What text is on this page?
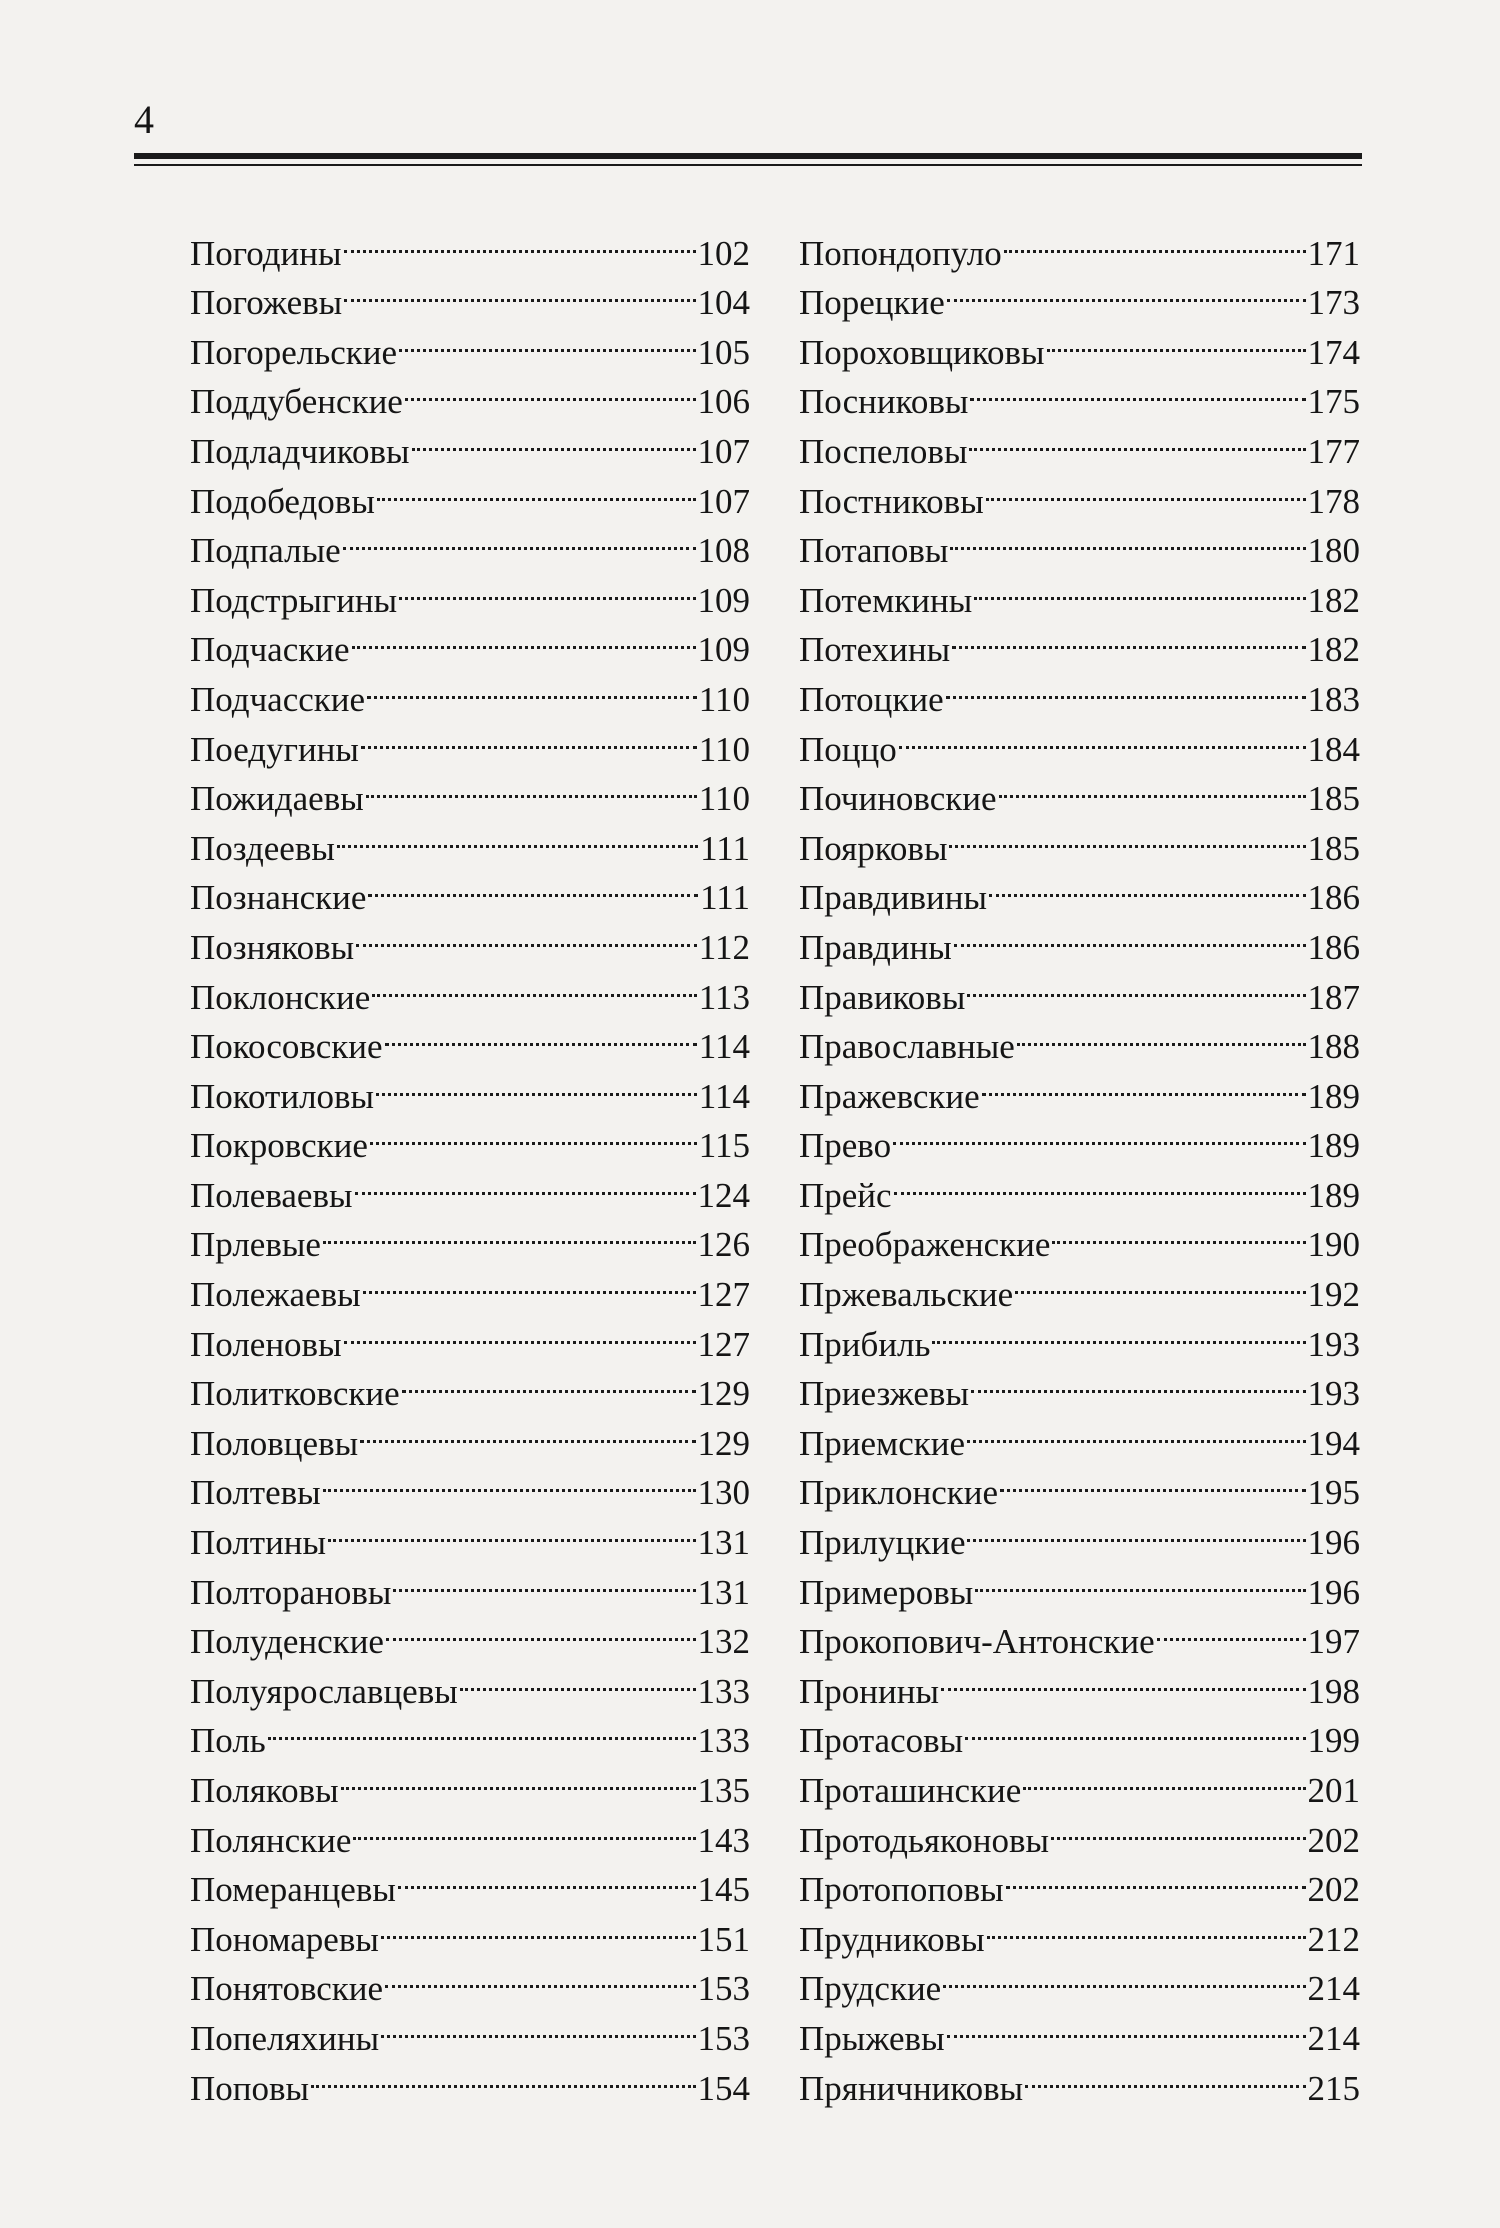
4
Погодины	102
Погожевы	104
Погорельские	105
Поддубенские	106
Подладчиковы	107
Подобедовы	107
Подпалые	108
Подстрыгины	109
Подчаские	109
Подчасские	110
Поедугины	110
Пожидаевы	110
Поздеевы	111
Познанские	111
Позняковы	112
Поклонские	113
Покосовские	114
Покотиловы	114
Покровские	115
Полеваевы	124
Прлевые	126
Полежаевы	127
Поленовы	127
Политковские	129
Половцевы	129
Полтевы	130
Полтины	131
Полторановы	131
Полуденские	132
Полуярославцевы	133
Поль	133
Поляковы	135
Полянские	143
Померанцевы	145
Пономаревы	151
Понятовские	153
Попеляхины	153
Поповы	154
Попондопуло	171
Порецкие	173
Пороховщиковы	174
Посниковы	175
Поспеловы	177
Постниковы	178
Потаповы	180
Потемкины	182
Потехины	182
Потоцкие	183
Поццо	184
Починовские	185
Поярковы	185
Правдивины	186
Правдины	186
Правиковы	187
Православные	188
Пражевские	189
Прево	189
Прейс	189
Преображенские	190
Пржевальские	192
Прибиль	193
Приезжевы	193
Приемские	194
Приклонские	195
Прилуцкие	196
Примеровы	196
Прокопович-Антонские	197
Пронины	198
Протасовы	199
Проташинские	201
Протодьяконовы	202
Протопоповы	202
Прудниковы	212
Прудские	214
Прыжевы	214
Пряничниковы	215
